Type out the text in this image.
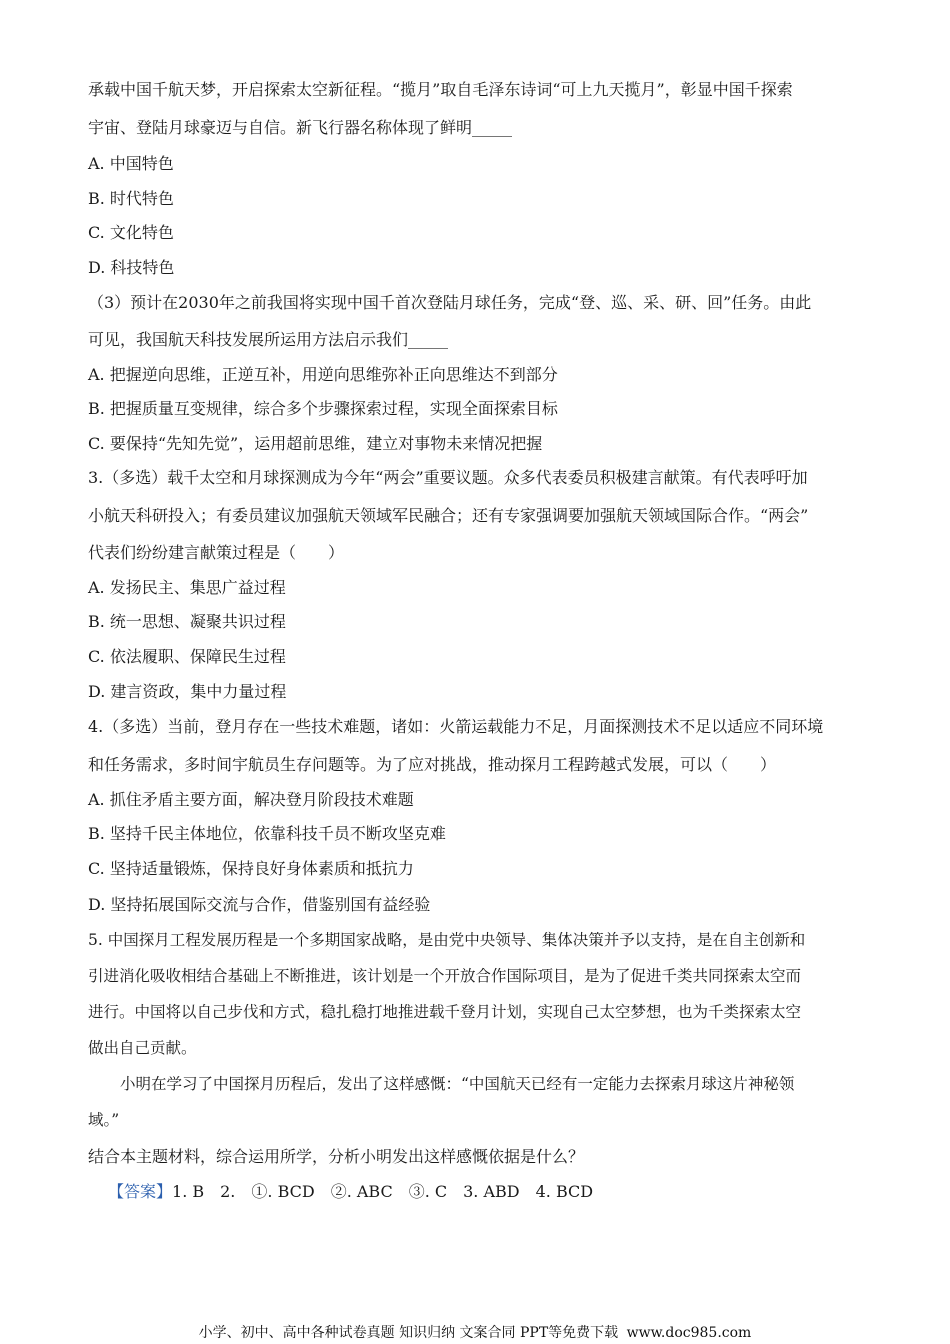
承载中国千航天梦，开启探索太空新征程。“揽月”取自毛泽东诗词“可上九天揽月”，彰显中国千探索
宇宙、登陆月球豪迈与自信。新飞行器名称体现了鲜明_____
A. 中国特色
B. 时代特色
C. 文化特色
D. 科技特色
（3）预计在2030年之前我国将实现中国千首次登陆月球任务，完成“登、巡、采、研、回”任务。由此
可见，我国航天科技发展所运用方法启示我们_____
A. 把握逆向思维，正逆互补，用逆向思维弥补正向思维达不到部分
B. 把握质量互变规律，综合多个步骤探索过程，实现全面探索目标
C. 要保持“先知先觉”，运用超前思维，建立对事物未来情况把握
3.（多选）载千太空和月球探测成为今年“两会”重要议题。众多代表委员积极建言献策。有代表呼吁加
小航天科研投入；有委员建议加强航天领域军民融合；还有专家强调要加强航天领域国际合作。“两会”
代表们纷纷建言献策过程是（　　）
A. 发扬民主、集思广益过程
B. 统一思想、凝聚共识过程
C. 依法履职、保障民生过程
D. 建言资政，集中力量过程
4.（多选）当前，登月存在一些技术难题，诸如：火箭运载能力不足，月面探测技术不足以适应不同环境
和任务需求，多时间宇航员生存问题等。为了应对挑战，推动探月工程跨越式发展，可以（　　）
A. 抓住矛盾主要方面，解决登月阶段技术难题
B. 坚持千民主体地位，依靠科技千员不断攻坚克难
C. 坚持适量锻炼，保持良好身体素质和抵抗力
D. 坚持拓展国际交流与合作，借鉴别国有益经验
5. 中国探月工程发展历程是一个多期国家战略，是由党中央领导、集体决策并予以支持，是在自主创新和
引进消化吸收相结合基础上不断推进，该计划是一个开放合作国际项目，是为了促进千类共同探索太空而
进行。中国将以自己步伐和方式，稳扎稳打地推进载千登月计划，实现自己太空梦想，也为千类探索太空
做出自己贡献。
小明在学习了中国探月历程后，发出了这样感慨：“中国航天已经有一定能力去探索月球这片神秘领
域。”
结合本主题材料，综合运用所学，分析小明发出这样感慨依据是什么？
【答案】1. B　2.　①. BCD　②. ABC　③. C　3. ABD　4. BCD
小学、初中、高中各种试卷真题 知识归纳 文案合同 PPT等免费下载 www.doc985.com
